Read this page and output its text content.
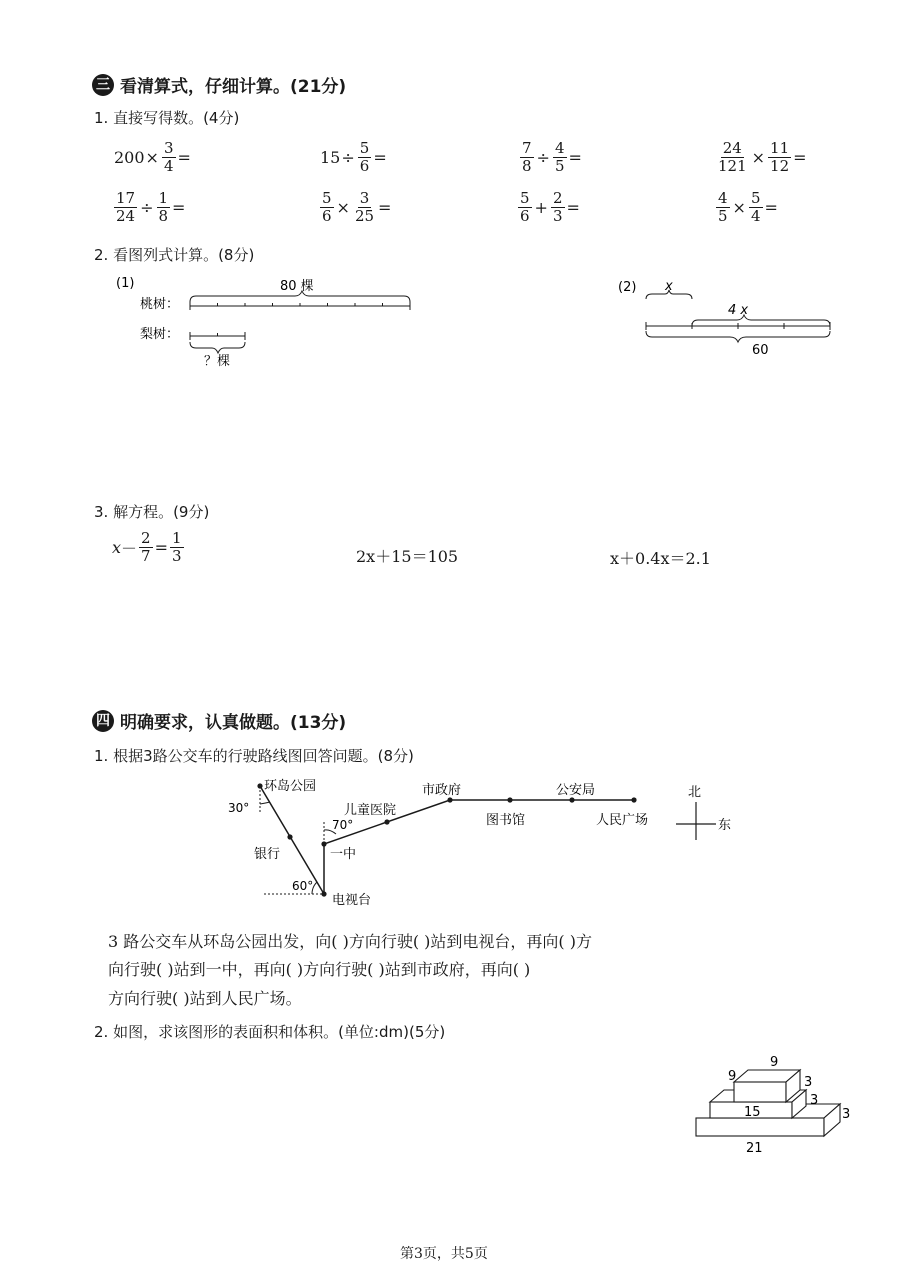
三 看清算式，仔细计算。(21分)
1. 直接写得数。(4分)
$200 \times \frac{3}{4}$ =	$15 \div \frac{5}{6}$ =	$\frac{7}{8} \div \frac{4}{5}$ =	$\frac{24}{121} \times \frac{11}{12}$ =
$\frac{17}{24} \div \frac{1}{8}$ =	$\frac{5}{6} \times \frac{3}{25}$ =	$\frac{5}{6} + \frac{2}{3}$ =	$\frac{4}{5} \times \frac{5}{4}$ =
2. 看图列式计算。(8分)
(1)
桃树：
梨树：
80 棵
？棵
(2) x
4 x
60
3. 解方程。(9分)
$x - \frac{2}{7} = \frac{1}{3}$	2x＋15＝105	x＋0.4x＝2.1
四 明确要求，认真做题。(13分)
1. 根据3路公交车的行驶路线图回答问题。(8分)
环岛公园
银行
电视台
一中
儿童医院
市政府
图书馆
公安局
人民广场
30°
70°
60°
北
东
3 路公交车从环岛公园出发，向( )方向行驶( )站到电视台，再向( )方
向行驶( )站到一中，再向( )方向行驶( )站到市政府，再向( )
方向行驶( )站到人民广场。
2. 如图，求该图形的表面积和体积。(单位:dm)(5分)
9
9	3
3
3
15
21
第3页，共5页
